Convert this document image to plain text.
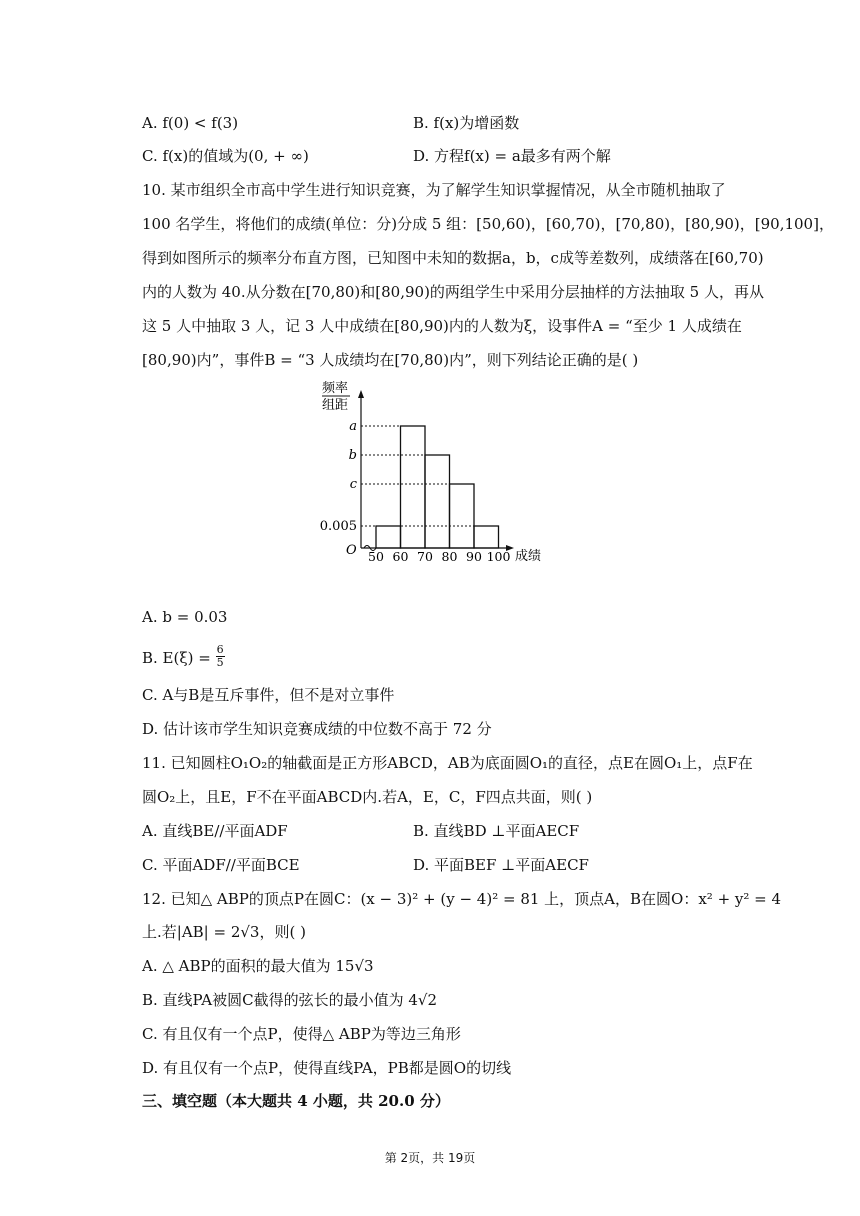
A. f(0) < f(3)	B. f(x)为增函数
C. f(x)的值域为(0, + ∞)	D. 方程f(x) = a最多有两个解
10. 某市组织全市高中学生进行知识竞赛，为了解学生知识掌握情况，从全市随机抽取了
100 名学生，将他们的成绩(单位：分)分成 5 组：[50,60)，[60,70)，[70,80)，[80,90)，[90,100]，
得到如图所示的频率分布直方图，已知图中未知的数据a，b，c成等差数列，成绩落在[60,70)
内的人数为 40.从分数在[70,80)和[80,90)的两组学生中采用分层抽样的方法抽取 5 人，再从
这 5 人中抽取 3 人，记 3 人中成绩在[80,90)内的人数为ξ，设事件A = “至少 1 人成绩在
[80,90)内”，事件B = “3 人成绩均在[70,80)内”，则下列结论正确的是( )
频率
组距
O	成绩
a
b
c
0.005
50 60 70 80 90 100
A. b = 0.03
B. $E(\xi) = \frac{6}{5}$
C. A与B是互斥事件，但不是对立事件
D. 估计该市学生知识竞赛成绩的中位数不高于 72 分
11. 已知圆柱O₁O₂的轴截面是正方形ABCD，AB为底面圆O₁的直径，点E在圆O₁上，点F在
圆O₂上，且E，F不在平面ABCD内.若A，E，C，F四点共面，则( )
A. 直线BE//平面ADF	B. 直线BD ⊥平面AECF
C. 平面ADF//平面BCE	D. 平面BEF ⊥平面AECF
12. 已知△ ABP的顶点P在圆C：(x − 3)² + (y − 4)² = 81 上，顶点A，B在圆O：x² + y² = 4
上.若|AB| = 2√3，则( )
A. △ ABP的面积的最大值为 15√3
B. 直线PA被圆C截得的弦长的最小值为 4√2
C. 有且仅有一个点P，使得△ ABP为等边三角形
D. 有且仅有一个点P，使得直线PA，PB都是圆O的切线
三、填空题（本大题共 4 小题，共 20.0 分）
第 2页，共 19页
